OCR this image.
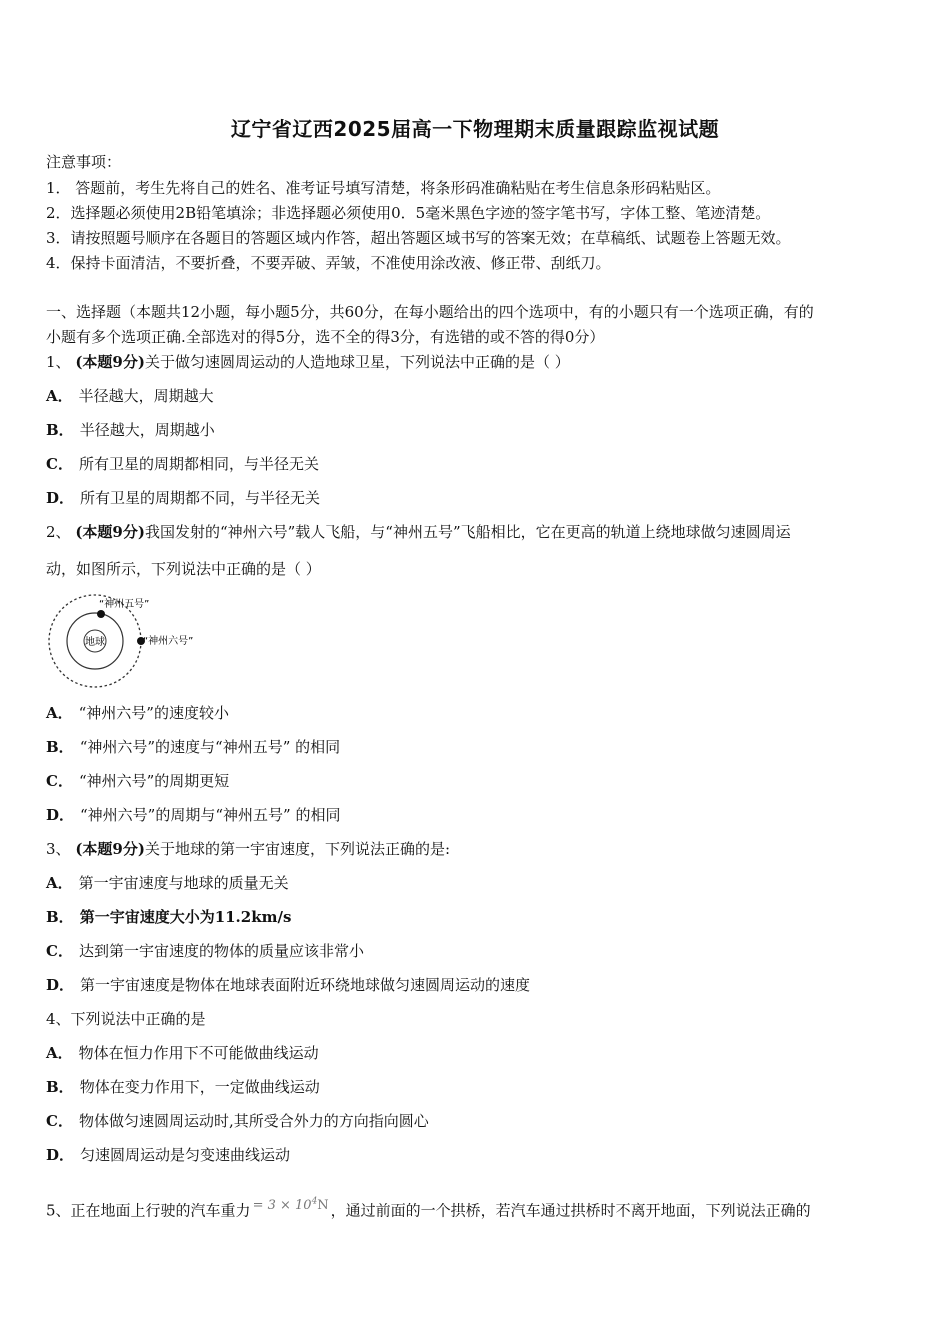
辽宁省辽西2025届高一下物理期末质量跟踪监视试题
注意事项：
1． 答题前，考生先将自己的姓名、准考证号填写清楚，将条形码准确粘贴在考生信息条形码粘贴区。
2．选择题必须使用2B铅笔填涂；非选择题必须使用0．5毫米黑色字迹的签字笔书写，字体工整、笔迹清楚。
3．请按照题号顺序在各题目的答题区域内作答，超出答题区域书写的答案无效；在草稿纸、试题卷上答题无效。
4．保持卡面清洁，不要折叠，不要弄破、弄皱，不准使用涂改液、修正带、刮纸刀。
一、选择题（本题共12小题，每小题5分，共60分，在每小题给出的四个选项中，有的小题只有一个选项正确，有的
小题有多个选项正确.全部选对的得5分，选不全的得3分，有选错的或不答的得0分）
1、 (本题9分)关于做匀速圆周运动的人造地球卫星，下列说法中正确的是（ ）
A． 半径越大，周期越大
B． 半径越大，周期越小
C． 所有卫星的周期都相同，与半径无关
D． 所有卫星的周期都不同，与半径无关
2、 (本题9分)我国发射的“神州六号”载人飞船，与“神州五号”飞船相比，它在更高的轨道上绕地球做匀速圆周运
动，如图所示，下列说法中正确的是（ ）
地球
“神州五号”
“神州六号”
A． “神州六号”的速度较小
B． “神州六号”的速度与“神州五号” 的相同
C． “神州六号”的周期更短
D． “神州六号”的周期与“神州五号” 的相同
3、 (本题9分)关于地球的第一宇宙速度，下列说法正确的是:
A． 第一宇宙速度与地球的质量无关
B． 第一宇宙速度大小为11.2km/s
C． 达到第一宇宙速度的物体的质量应该非常小
D． 第一宇宙速度是物体在地球表面附近环绕地球做匀速圆周运动的速度
4、下列说法中正确的是
A． 物体在恒力作用下不可能做曲线运动
B． 物体在变力作用下，一定做曲线运动
C． 物体做匀速圆周运动时,其所受合外力的方向指向圆心
D． 匀速圆周运动是匀变速曲线运动
5、正在地面上行驶的汽车重力 = $3 \times 10^4N$ ，通过前面的一个拱桥，若汽车通过拱桥时不离开地面，下列说法正确的
